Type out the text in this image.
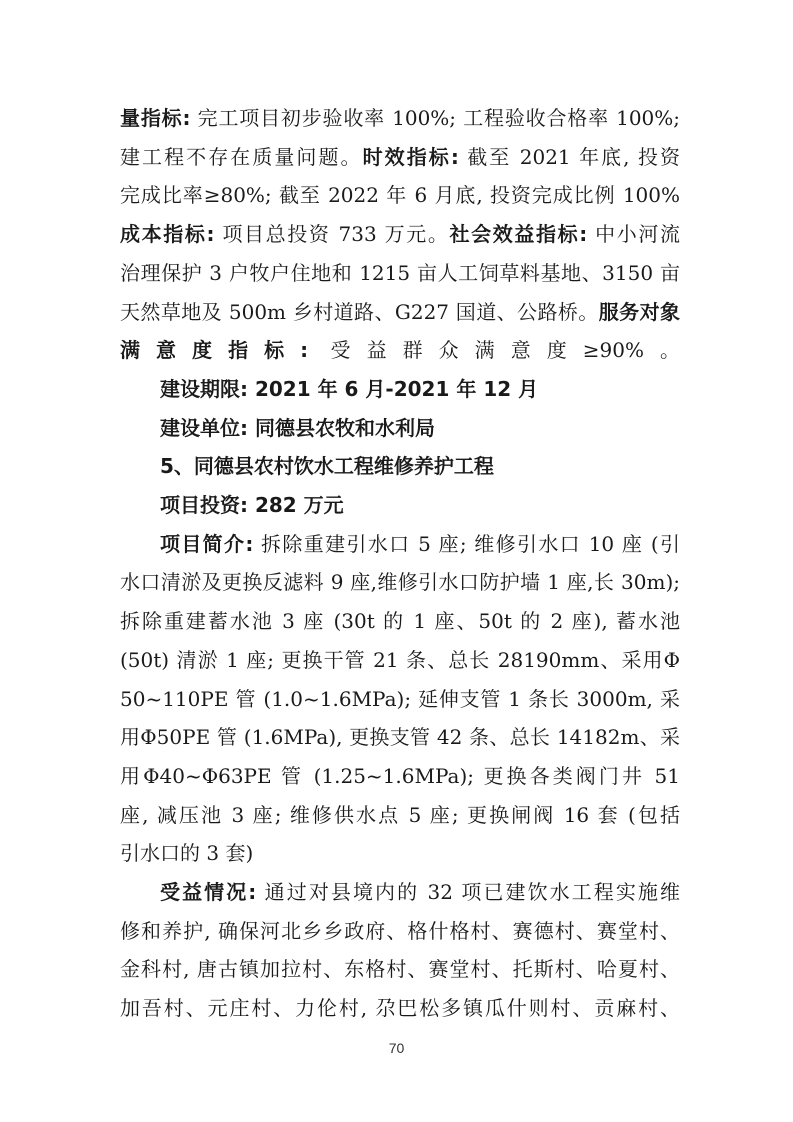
量指标: 完工项目初步验收率 100%; 工程验收合格率 100%;
建工程不存在质量问题。时效指标: 截至 2021 年底, 投资
完成比率≥80%; 截至 2022 年 6 月底, 投资完成比例 100%
成本指标: 项目总投资 733 万元。社会效益指标: 中小河流
治理保护 3 户牧户住地和 1215 亩人工饲草料基地、3150 亩
天然草地及 500m 乡村道路、G227 国道、公路桥。服务对象
满意度指标: 受益群众满意度≥90%。
建设期限: 2021 年 6 月-2021 年 12 月
建设单位: 同德县农牧和水利局
5、同德县农村饮水工程维修养护工程
项目投资: 282 万元
项目简介: 拆除重建引水口 5 座; 维修引水口 10 座 (引
水口清淤及更换反滤料 9 座,维修引水口防护墙 1 座,长 30m);
拆除重建蓄水池 3 座 (30t 的 1 座、50t 的 2 座), 蓄水池
(50t) 清淤 1 座; 更换干管 21 条、总长 28190mm、采用Φ
50~110PE 管 (1.0~1.6MPa); 延伸支管 1 条长 3000m, 采
用Φ50PE 管 (1.6MPa), 更换支管 42 条、总长 14182m、采
用Φ40~Φ63PE 管 (1.25~1.6MPa); 更换各类阀门井 51
座, 减压池 3 座; 维修供水点 5 座; 更换闸阀 16 套 (包括
引水口的 3 套)
受益情况: 通过对县境内的 32 项已建饮水工程实施维
修和养护, 确保河北乡乡政府、格什格村、赛德村、赛堂村、
金科村, 唐古镇加拉村、东格村、赛堂村、托斯村、哈夏村、
加吾村、元庄村、力伦村, 尕巴松多镇瓜什则村、贡麻村、
70
